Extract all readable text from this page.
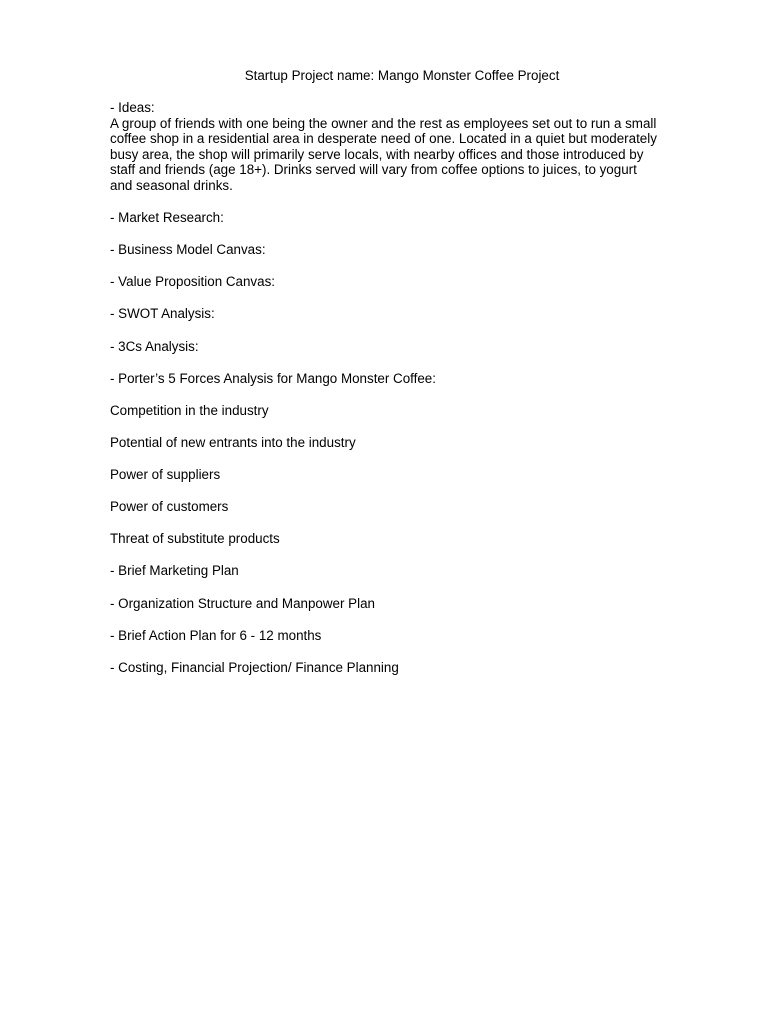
Startup Project name: Mango Monster Coffee Project

- Ideas:

A group of friends with one being the owner and the rest as employees set out to run a small

coffee shop in a residential area in desperate need of one. Located in a quiet but moderately

busy area, the shop will primarily serve locals, with nearby offices and those introduced by

staff and friends (age 18+). Drinks served will vary from coffee options to juices, to yogurt

and seasonal drinks.

- Market Research:
- Business Model Canvas:
- Value Proposition Canvas:
- SWOT Analysis:
- 3Cs Analysis:
- Porter’s 5 Forces Analysis for Mango Monster Coffee:
Competition in the industry
Potential of new entrants into the industry
Power of suppliers
Power of customers
Threat of substitute products
- Brief Marketing Plan
- Organization Structure and Manpower Plan
- Brief Action Plan for 6 - 12 months
- Costing, Financial Projection/ Finance Planning
